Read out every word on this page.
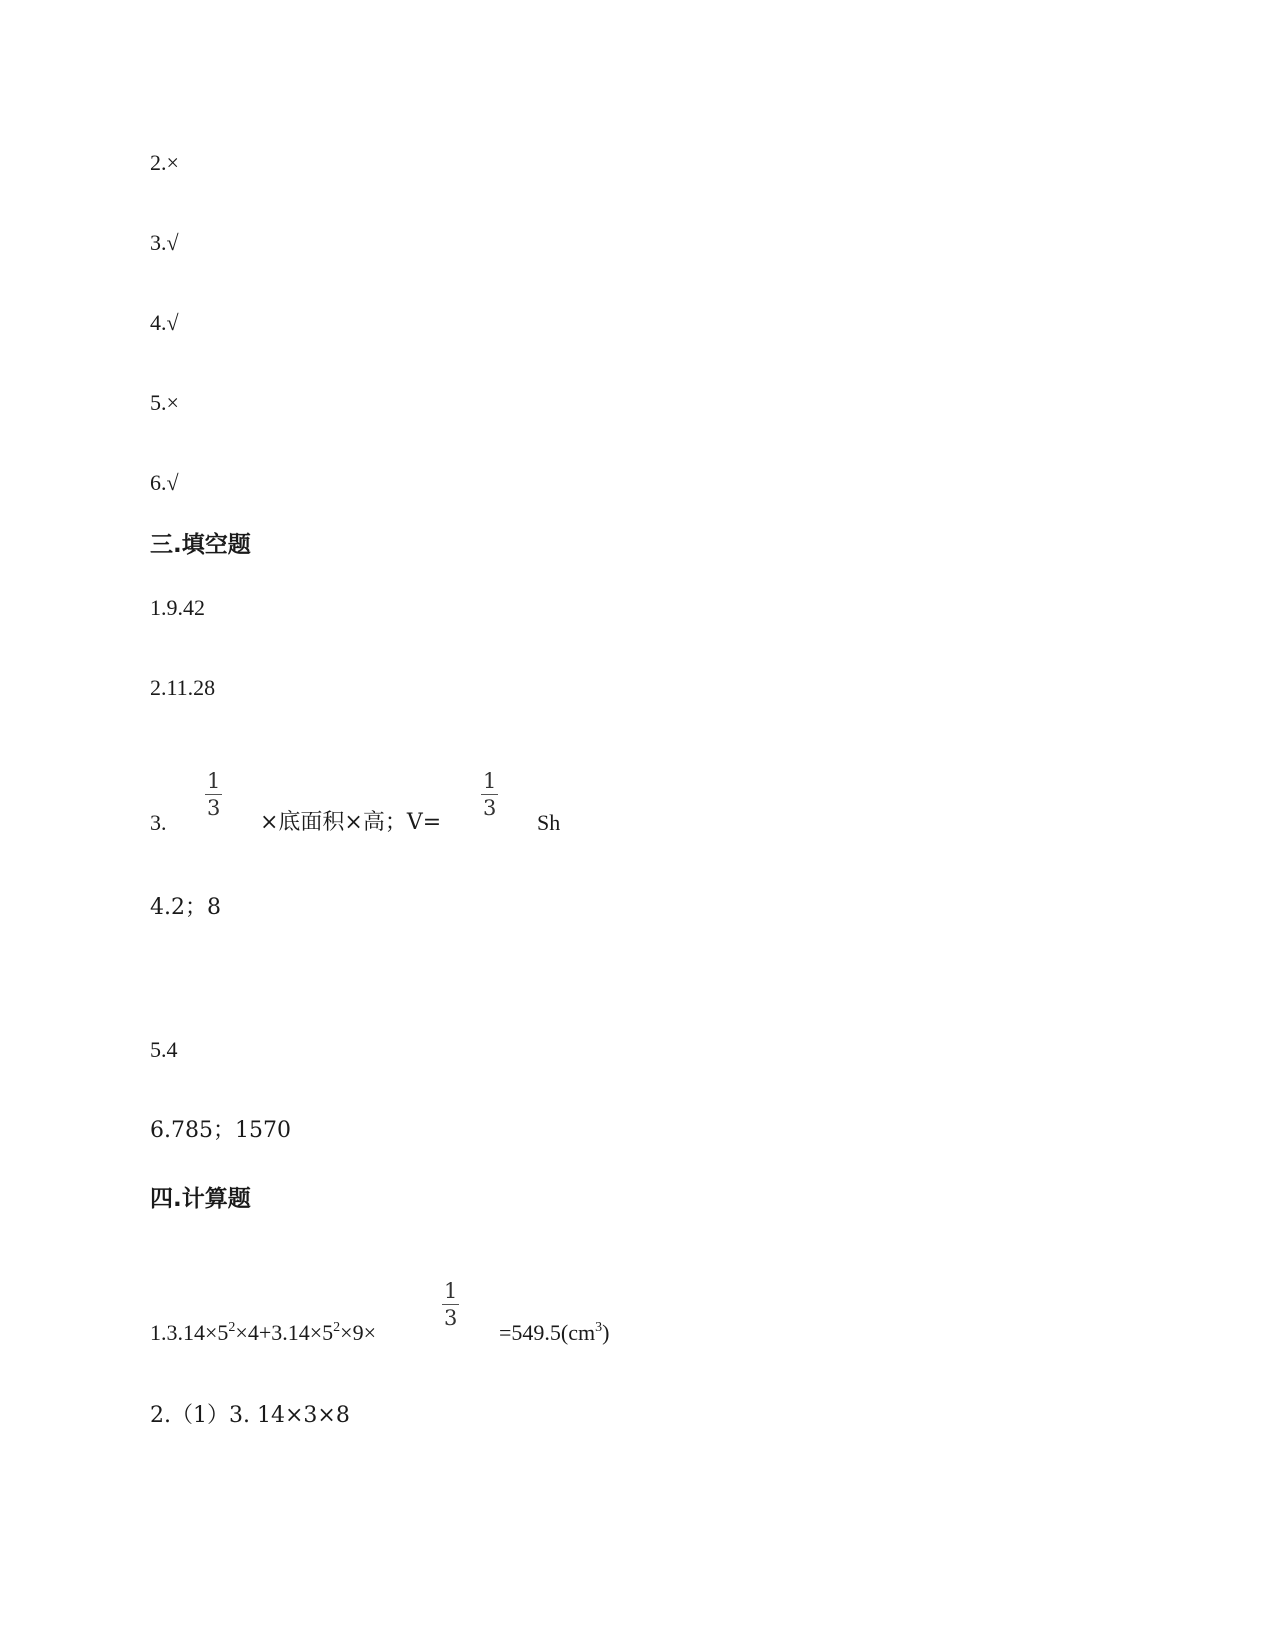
2.×
3.√
4.√
5.×
6.√
三.填空题
1.9.42
2.11.28
3.
1
3
×底面积×高；V=
1
3
Sh
4.2；8
5.4
6.785；1570
四.计算题
$1.3.14\times 5^2\times 4+3.14\times 5^2\times 9\times$
1
3
$=549.5(cm^3)$
2.（1）3. 14×3×8
